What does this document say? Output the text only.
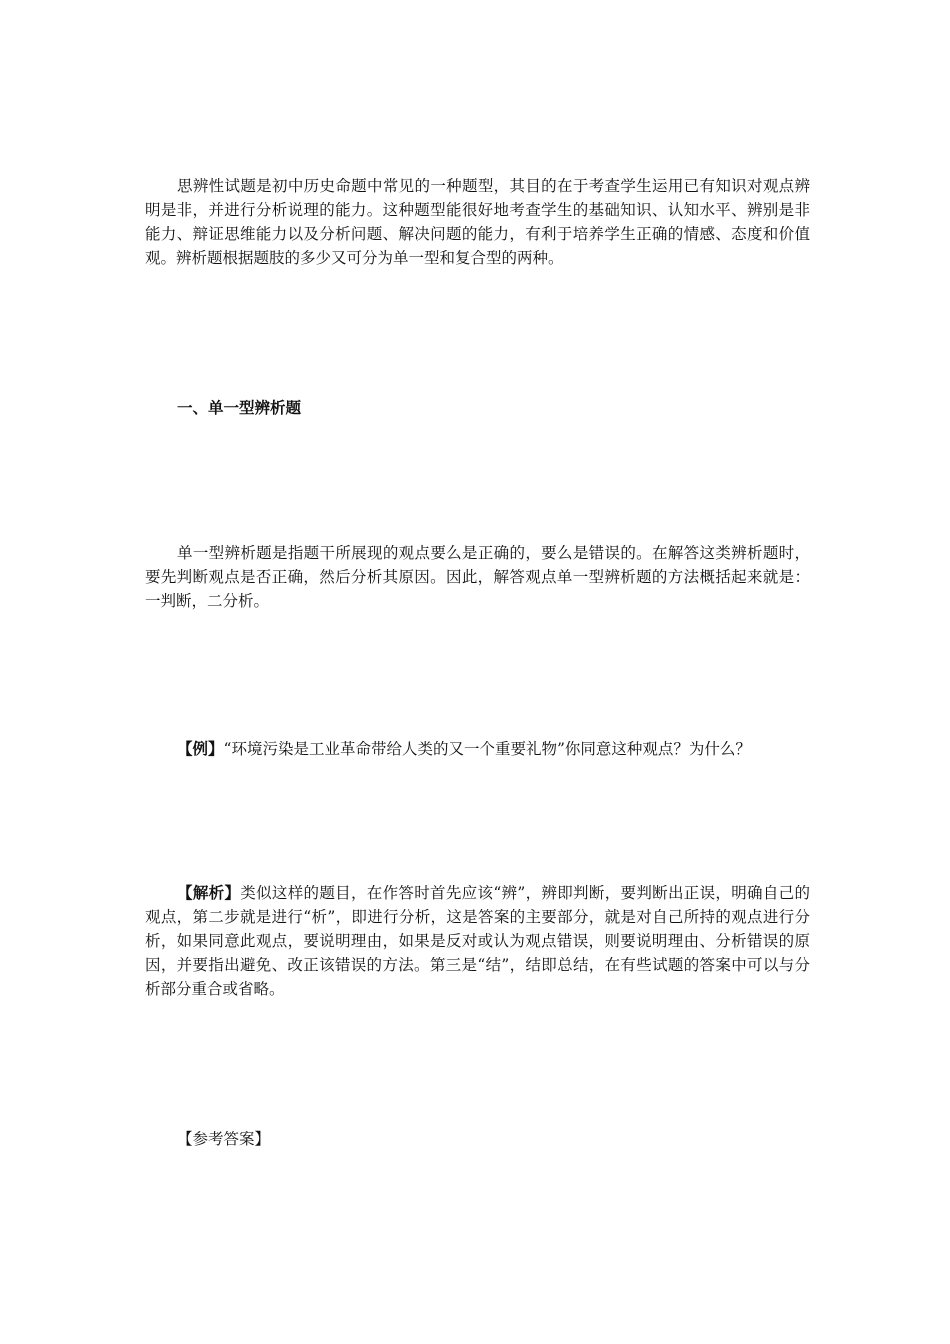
思辨性试题是初中历史命题中常见的一种题型，其目的在于考查学生运用已有知识对观点辨明是非，并进行分析说理的能力。这种题型能很好地考查学生的基础知识、认知水平、辨别是非能力、辩证思维能力以及分析问题、解决问题的能力，有利于培养学生正确的情感、态度和价值观。辨析题根据题肢的多少又可分为单一型和复合型的两种。

一、单一型辨析题

单一型辨析题是指题干所展现的观点要么是正确的，要么是错误的。在解答这类辨析题时，要先判断观点是否正确，然后分析其原因。因此，解答观点单一型辨析题的方法概括起来就是：一判断，二分析。

【例】“环境污染是工业革命带给人类的又一个重要礼物”你同意这种观点？为什么？

【解析】类似这样的题目，在作答时首先应该“辨”，辨即判断，要判断出正误，明确自己的观点，第二步就是进行“析”，即进行分析，这是答案的主要部分，就是对自己所持的观点进行分析，如果同意此观点，要说明理由，如果是反对或认为观点错误，则要说明理由、分析错误的原因，并要指出避免、改正该错误的方法。第三是“结”，结即总结，在有些试题的答案中可以与分析部分重合或省略。

【参考答案】
